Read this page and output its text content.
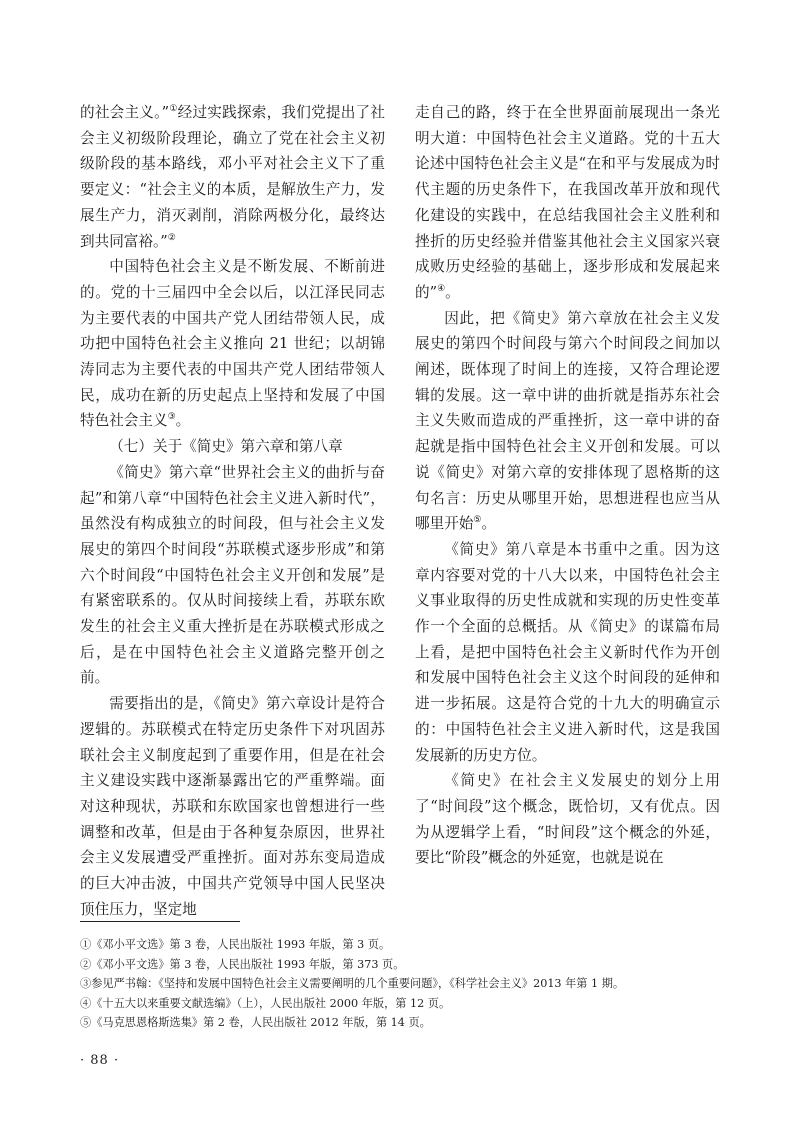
的社会主义。”①经过实践探索，我们党提出了社会主义初级阶段理论，确立了党在社会主义初级阶段的基本路线，邓小平对社会主义下了重要定义：“社会主义的本质，是解放生产力，发展生产力，消灭剥削，消除两极分化，最终达到共同富裕。”②

中国特色社会主义是不断发展、不断前进的。党的十三届四中全会以后，以江泽民同志为主要代表的中国共产党人团结带领人民，成功把中国特色社会主义推向 21 世纪；以胡锦涛同志为主要代表的中国共产党人团结带领人民，成功在新的历史起点上坚持和发展了中国特色社会主义③。

（七）关于《简史》第六章和第八章

《简史》第六章“世界社会主义的曲折与奋起”和第八章“中国特色社会主义进入新时代”，虽然没有构成独立的时间段，但与社会主义发展史的第四个时间段“苏联模式逐步形成”和第六个时间段“中国特色社会主义开创和发展”是有紧密联系的。仅从时间接续上看，苏联东欧发生的社会主义重大挫折是在苏联模式形成之后，是在中国特色社会主义道路完整开创之前。

需要指出的是，《简史》第六章设计是符合逻辑的。苏联模式在特定历史条件下对巩固苏联社会主义制度起到了重要作用，但是在社会主义建设实践中逐渐暴露出它的严重弊端。面对这种现状，苏联和东欧国家也曾想进行一些调整和改革，但是由于各种复杂原因，世界社会主义发展遭受严重挫折。面对苏东变局造成的巨大冲击波，中国共产党领导中国人民坚决顶住压力，坚定地

走自己的路，终于在全世界面前展现出一条光明大道：中国特色社会主义道路。党的十五大论述中国特色社会主义是“在和平与发展成为时代主题的历史条件下，在我国改革开放和现代化建设的实践中，在总结我国社会主义胜利和挫折的历史经验并借鉴其他社会主义国家兴衰成败历史经验的基础上，逐步形成和发展起来的”④。

因此，把《简史》第六章放在社会主义发展史的第四个时间段与第六个时间段之间加以阐述，既体现了时间上的连接，又符合理论逻辑的发展。这一章中讲的曲折就是指苏东社会主义失败而造成的严重挫折，这一章中讲的奋起就是指中国特色社会主义开创和发展。可以说《简史》对第六章的安排体现了恩格斯的这句名言：历史从哪里开始，思想进程也应当从哪里开始⑤。

《简史》第八章是本书重中之重。因为这章内容要对党的十八大以来，中国特色社会主义事业取得的历史性成就和实现的历史性变革作一个全面的总概括。从《简史》的谋篇布局上看，是把中国特色社会主义新时代作为开创和发展中国特色社会主义这个时间段的延伸和进一步拓展。这是符合党的十九大的明确宣示的：中国特色社会主义进入新时代，这是我国发展新的历史方位。

《简史》在社会主义发展史的划分上用了“时间段”这个概念，既恰切，又有优点。因为从逻辑学上看，“时间段”这个概念的外延，要比“阶段”概念的外延宽，也就是说在

①《邓小平文选》第 3 卷，人民出版社 1993 年版，第 3 页。
②《邓小平文选》第 3 卷，人民出版社 1993 年版，第 373 页。
③参见严书翰：《坚持和发展中国特色社会主义需要阐明的几个重要问题》，《科学社会主义》2013 年第 1 期。
④《十五大以来重要文献选编》（上），人民出版社 2000 年版，第 12 页。
⑤《马克思恩格斯选集》第 2 卷，人民出版社 2012 年版，第 14 页。
· 88 ·
